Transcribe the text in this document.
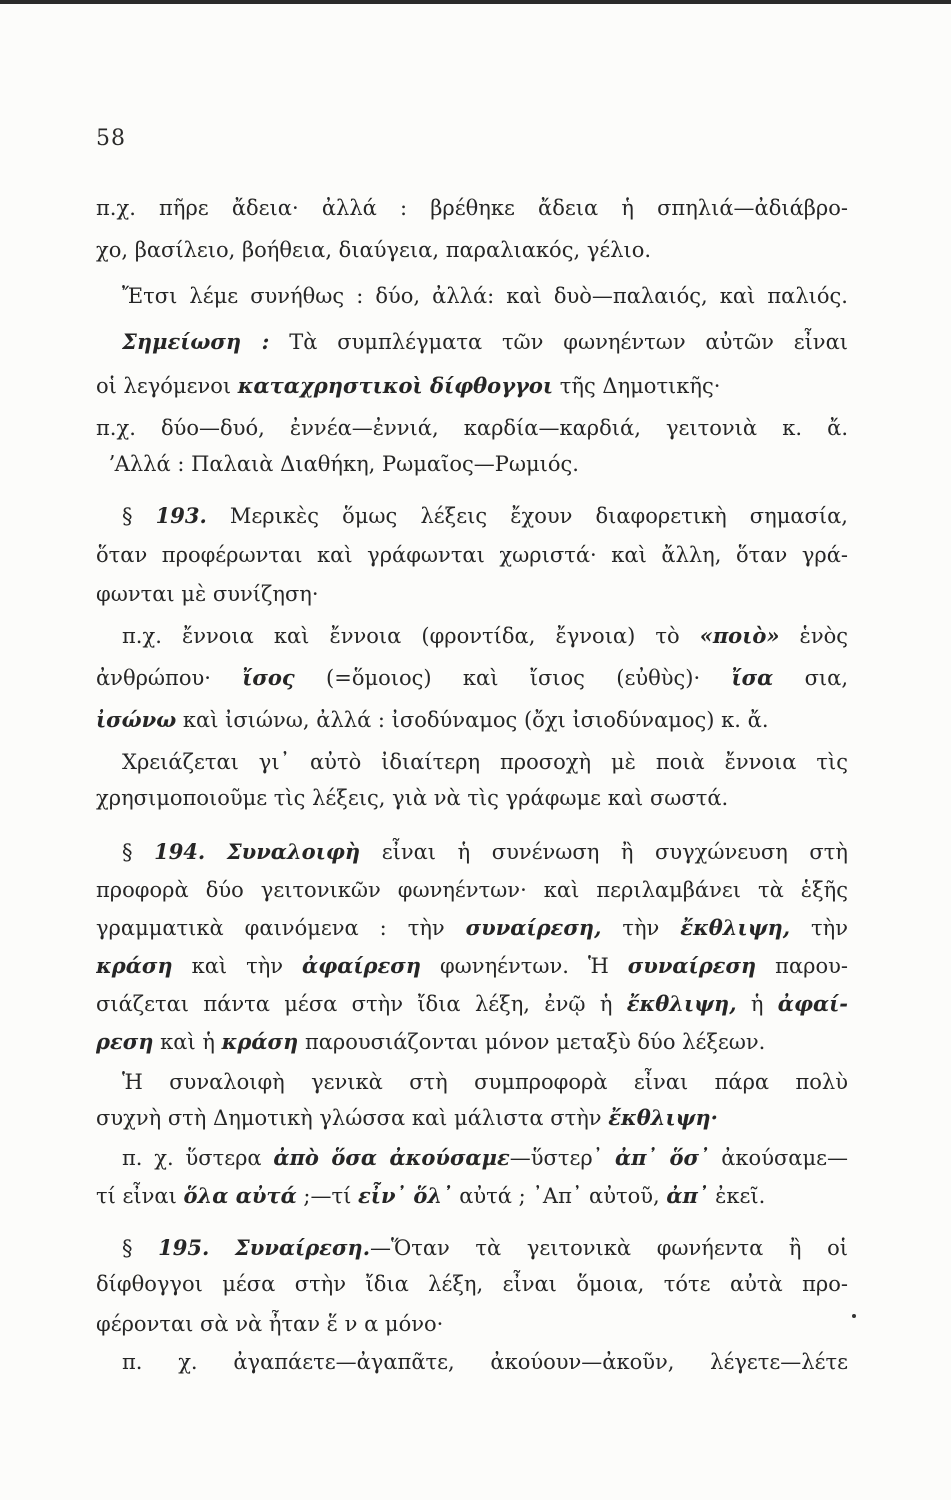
58
π.χ. πῆρε ἄδεια· ἀλλά : βρέθηκε ἄδεια ἡ σπηλιά—ἀδιάβρο-
χο, βασίλειο, βοήθεια, διαύγεια, παραλιακός, γέλιο.
Ἔτσι λέμε συνήθως : δύο, ἀλλά: καὶ δυὸ—παλαιός, καὶ παλιός.
Σημείωση : Τὰ συμπλέγματα τῶν φωνηέντων αὐτῶν εἶναι
οἱ λεγόμενοι καταχρηστικοὶ δίφθογγοι τῆς Δημοτικῆς·
π.χ. δύο—δυό, ἐννέα—ἐννιά, καρδία—καρδιά, γειτονιὰ κ. ἄ.
ʼΑλλά : Παλαιὰ Διαθήκη, Ρωμαῖος—Ρωμιός.
§ 193. Μερικὲς ὅμως λέξεις ἔχουν διαφορετικὴ σημασία,
ὅταν προφέρωνται καὶ γράφωνται χωριστά· καὶ ἄλλη, ὅταν γρά-
φωνται μὲ συνίζηση·
π.χ. ἔννοια καὶ ἔννοια (φροντίδα, ἔγνοια) τὸ «ποιὸ» ἑνὸς
ἀνθρώπου· ἴσος (=ὅμοιος) καὶ ἴσιος (εὐθὺς)· ἴσα σια,
ἰσώνω καὶ ἰσιώνω, ἀλλά : ἰσοδύναμος (ὄχι ἰσιοδύναμος) κ. ἄ.
Χρειάζεται γι᾽ αὐτὸ ἰδιαίτερη προσοχὴ μὲ ποιὰ ἔννοια τὶς
χρησιμοποιοῦμε τὶς λέξεις, γιὰ νὰ τὶς γράφωμε καὶ σωστά.
§ 194. Συναλοιφὴ εἶναι ἡ συνένωση ἢ συγχώνευση στὴ
προφορὰ δύο γειτονικῶν φωνηέντων· καὶ περιλαμβάνει τὰ ἑξῆς
γραμματικὰ φαινόμενα : τὴν συναίρεση, τὴν ἔκθλιψη, τὴν
κράση καὶ τὴν ἀφαίρεση φωνηέντων. Ἡ συναίρεση παρου-
σιάζεται πάντα μέσα στὴν ἴδια λέξη, ἐνῷ ἡ ἔκθλιψη, ἡ ἀφαί-
ρεση καὶ ἡ κράση παρουσιάζονται μόνον μεταξὺ δύο λέξεων.
Ἡ συναλοιφὴ γενικὰ στὴ συμπροφορὰ εἶναι πάρα πολὺ
συχνὴ στὴ Δημοτικὴ γλώσσα καὶ μάλιστα στὴν ἔκθλιψη·
π. χ. ὕστερα ἀπὸ ὅσα ἀκούσαμε—ὕστερ᾽ ἀπ᾽ ὅσ᾽ ἀκούσαμε—
τί εἶναι ὅλα αὐτά ;—τί εἶν᾽ ὅλ᾽ αὐτά ; ᾽Απ᾽ αὐτοῦ, ἀπ᾽ ἐκεῖ.
§ 195. Συναίρεση.—Ὅταν τὰ γειτονικὰ φωνήεντα ἢ οἱ
δίφθογγοι μέσα στὴν ἴδια λέξη, εἶναι ὅμοια, τότε αὐτὰ προ-
φέρονται σὰ νὰ ἦταν ἕ ν α μόνο·
π. χ. ἀγαπάετε—ἀγαπᾶτε, ἀκούουν—ἀκοῦν, λέγετε—λέτε
